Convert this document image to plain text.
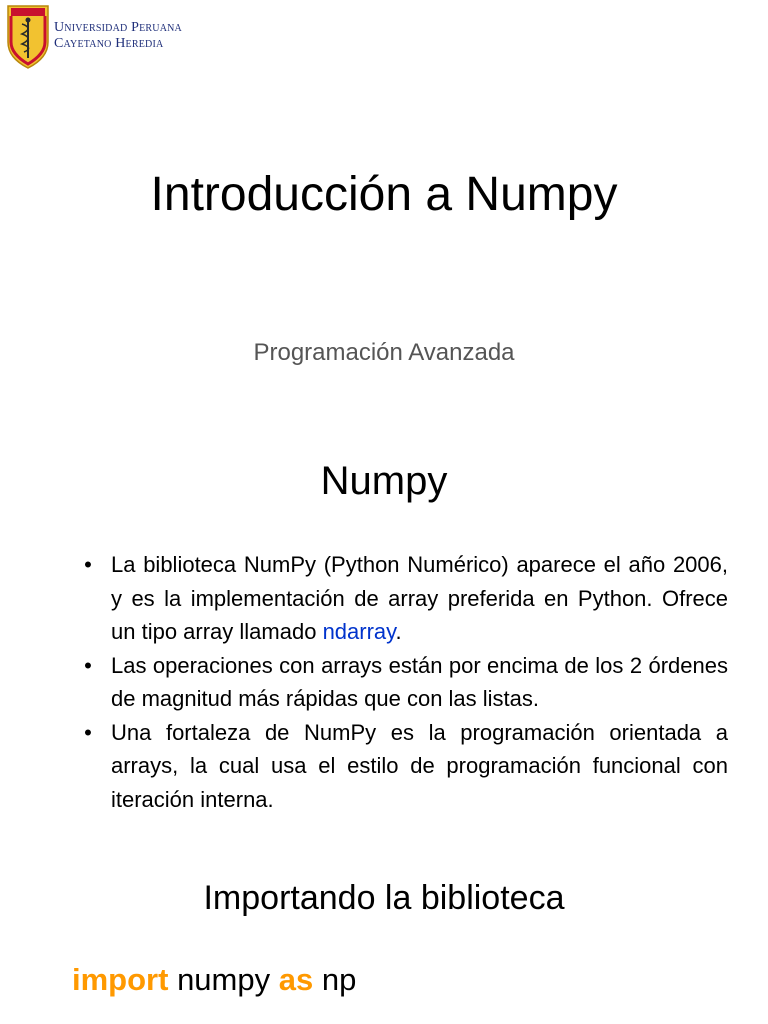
Universidad Peruana
Cayetano Heredia
Introducción a Numpy
Programación Avanzada
Numpy
• La biblioteca NumPy (Python Numérico) aparece el año 2006, y es la implementación de array preferida en Python. Ofrece un tipo array llamado ndarray.
• Las operaciones con arrays están por encima de los 2 órdenes de magnitud más rápidas que con las listas.
• Una fortaleza de NumPy es la programación orientada a arrays, la cual usa el estilo de programación funcional con iteración interna.
Importando la biblioteca
import numpy as np
